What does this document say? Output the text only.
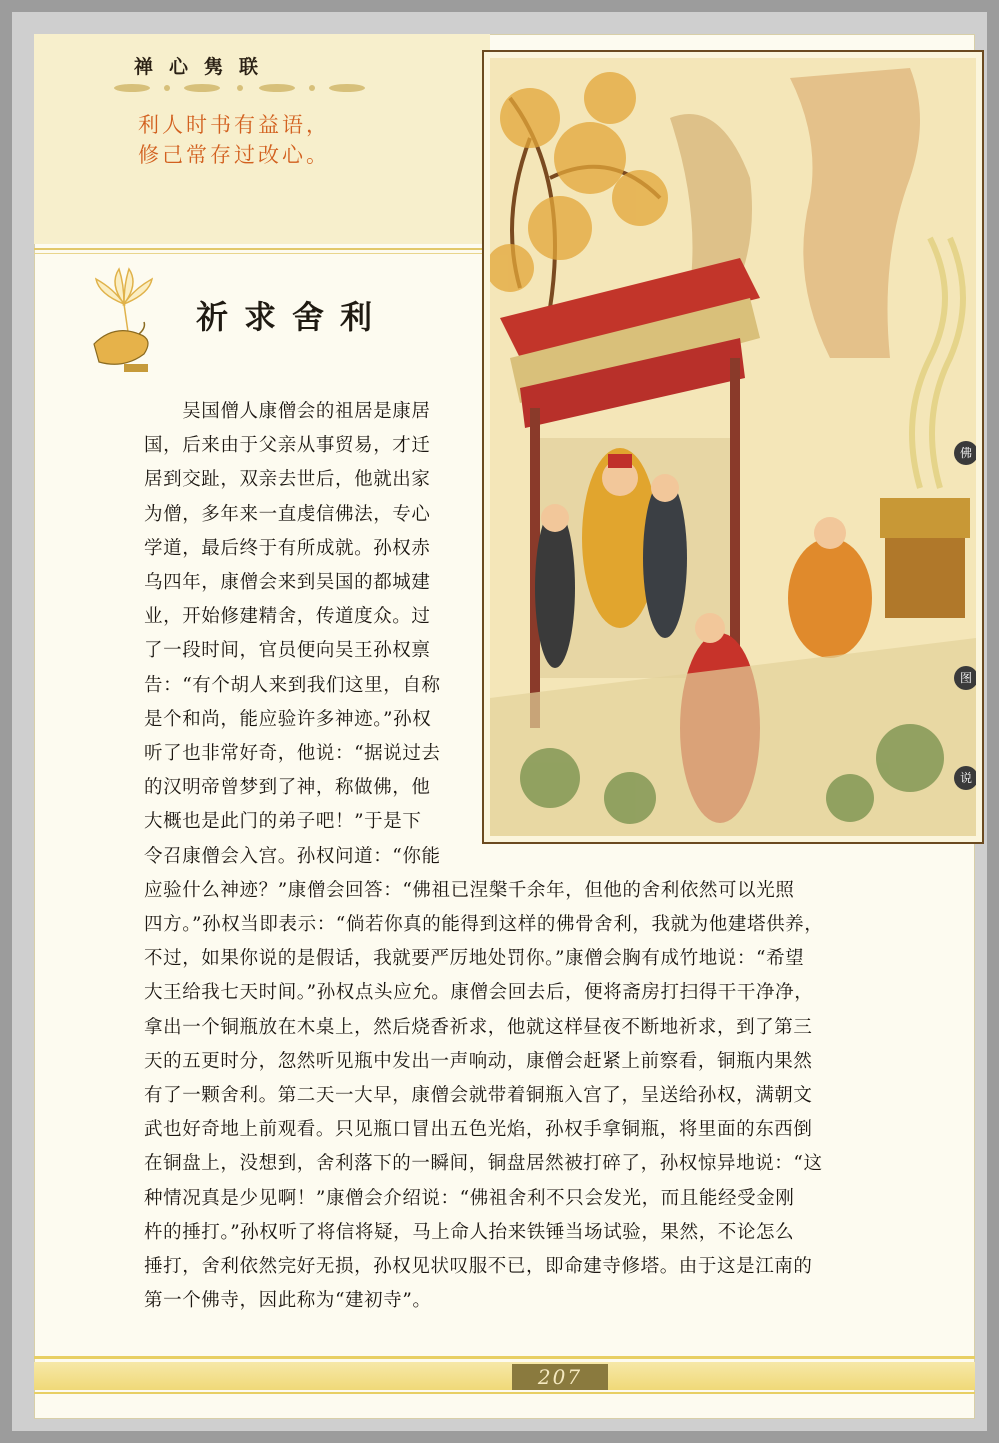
禅心隽联
利人时书有益语，
修己常存过改心。
佛
图
说
祈求舍利
　　吴国僧人康僧会的祖居是康居
国，后来由于父亲从事贸易，才迁
居到交趾，双亲去世后，他就出家
为僧，多年来一直虔信佛法，专心
学道，最后终于有所成就。孙权赤
乌四年，康僧会来到吴国的都城建
业，开始修建精舍，传道度众。过
了一段时间，官员便向吴王孙权禀
告：“有个胡人来到我们这里，自称
是个和尚，能应验许多神迹。”孙权
听了也非常好奇，他说：“据说过去
的汉明帝曾梦到了神，称做佛，他
大概也是此门的弟子吧！”于是下
令召康僧会入宫。孙权问道：“你能
应验什么神迹？”康僧会回答：“佛祖已涅槃千余年，但他的舍利依然可以光照
四方。”孙权当即表示：“倘若你真的能得到这样的佛骨舍利，我就为他建塔供养，
不过，如果你说的是假话，我就要严厉地处罚你。”康僧会胸有成竹地说：“希望
大王给我七天时间。”孙权点头应允。康僧会回去后，便将斋房打扫得干干净净，
拿出一个铜瓶放在木桌上，然后烧香祈求，他就这样昼夜不断地祈求，到了第三
天的五更时分，忽然听见瓶中发出一声响动，康僧会赶紧上前察看，铜瓶内果然
有了一颗舍利。第二天一大早，康僧会就带着铜瓶入宫了，呈送给孙权，满朝文
武也好奇地上前观看。只见瓶口冒出五色光焰，孙权手拿铜瓶，将里面的东西倒
在铜盘上，没想到，舍利落下的一瞬间，铜盘居然被打碎了，孙权惊异地说：“这
种情况真是少见啊！”康僧会介绍说：“佛祖舍利不只会发光，而且能经受金刚
杵的捶打。”孙权听了将信将疑，马上命人抬来铁锤当场试验，果然，不论怎么
捶打，舍利依然完好无损，孙权见状叹服不已，即命建寺修塔。由于这是江南的
第一个佛寺，因此称为“建初寺”。
207
